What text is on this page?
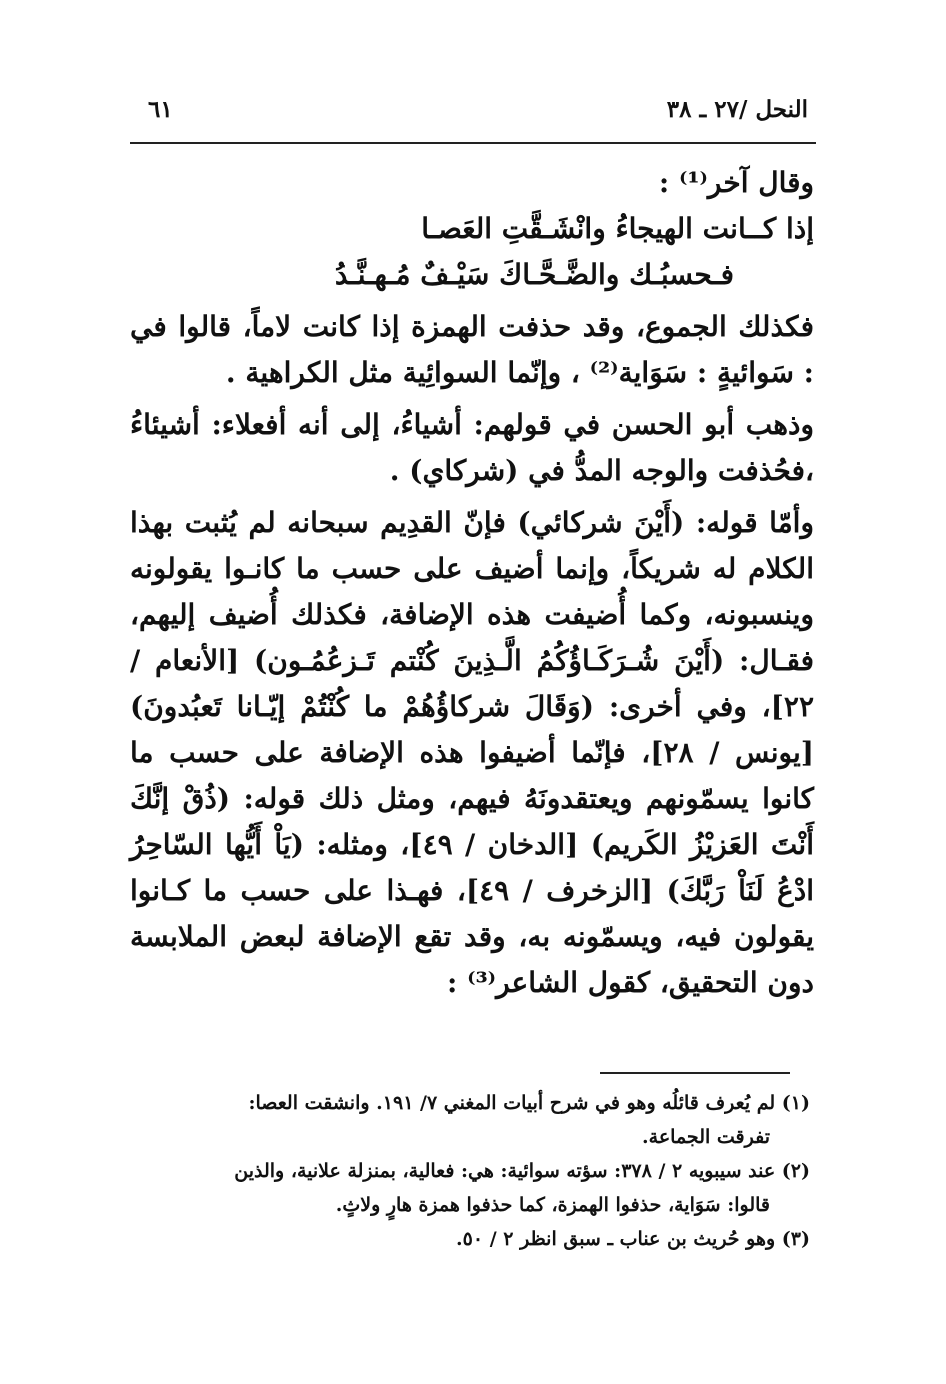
النحل /٢٧ ـ ٣٨
٦١

وقال آخر⁽¹⁾ :

إذا كــانت الهيجاءُ وانْشَـقَّتِ العَصـا

فـحسبُـك والضَّـحَّـاكَ سَيْـفٌ مُـهـنَّـدُ

فكذلك الجموع، وقد حذفت الهمزة إذا كانت لاماً، قالوا في : سَوائيةٍ : سَوَاية⁽²⁾ ، وإنّما السوائِية مثل الكراهية .

وذهب أبو الحسن في قولهم: أشياءُ، إلى أنه أفعلاء: أشيئاءُ ،فحُذفت والوجه المدُّ في (شركاي) .

وأمّا قوله: (أَيْنَ شركائي) فإنّ القدِيم سبحانه لم يُثبت بهذا الكلام له شريكاً، وإنما أضيف على حسب ما كانـوا يقولونه وينسبونه، وكما أُضيفت هذه الإضافة، فكذلك أُضيف إليهم، فقـال: (أَيْنَ شُـرَكَـاؤُكُمُ الَّـذِينَ كُنْتم تَـزعُمُـون) [الأنعام / ٢٢]، وفي أخرى: (وَقَالَ شركاؤُهُمْ ما كُنْتُمْ إيّـانا تَعبُدونَ) [يونس / ٢٨]، فإنّما أضيفوا هذه الإضافة على حسب ما كانوا يسمّونهم ويعتقدونَهُ فيهم، ومثل ذلك قوله: (ذُقْ إنَّكَ أَنْتَ العَزيْزُ الكَريم) [الدخان / ٤٩]، ومثله: (يَاْ أَيُّها السّاحِرُ ادْعُ لَنَاْ رَبَّكَ) [الزخرف / ٤٩]، فهـذا على حسب ما كـانوا يقولون فيه، ويسمّونه به، وقد تقع الإضافة لبعض الملابسة دون التحقيق، كقول الشاعر⁽³⁾ :

(١) لم يُعرف قائلُه وهو في شرح أبيات المغني ٧/ ١٩١. وانشقت العصا:

تفرقت الجماعة.

(٢) عند سيبويه ٢ / ٣٧٨: سؤته سوائية: هي: فعالية، بمنزلة علانية، والذين

قالوا: سَوَاية، حذفوا الهمزة، كما حذفوا همزة هارٍ ولاثٍ.

(٣) وهو حُريث بن عناب ـ سبق انظر ٢ / ٥٠.
